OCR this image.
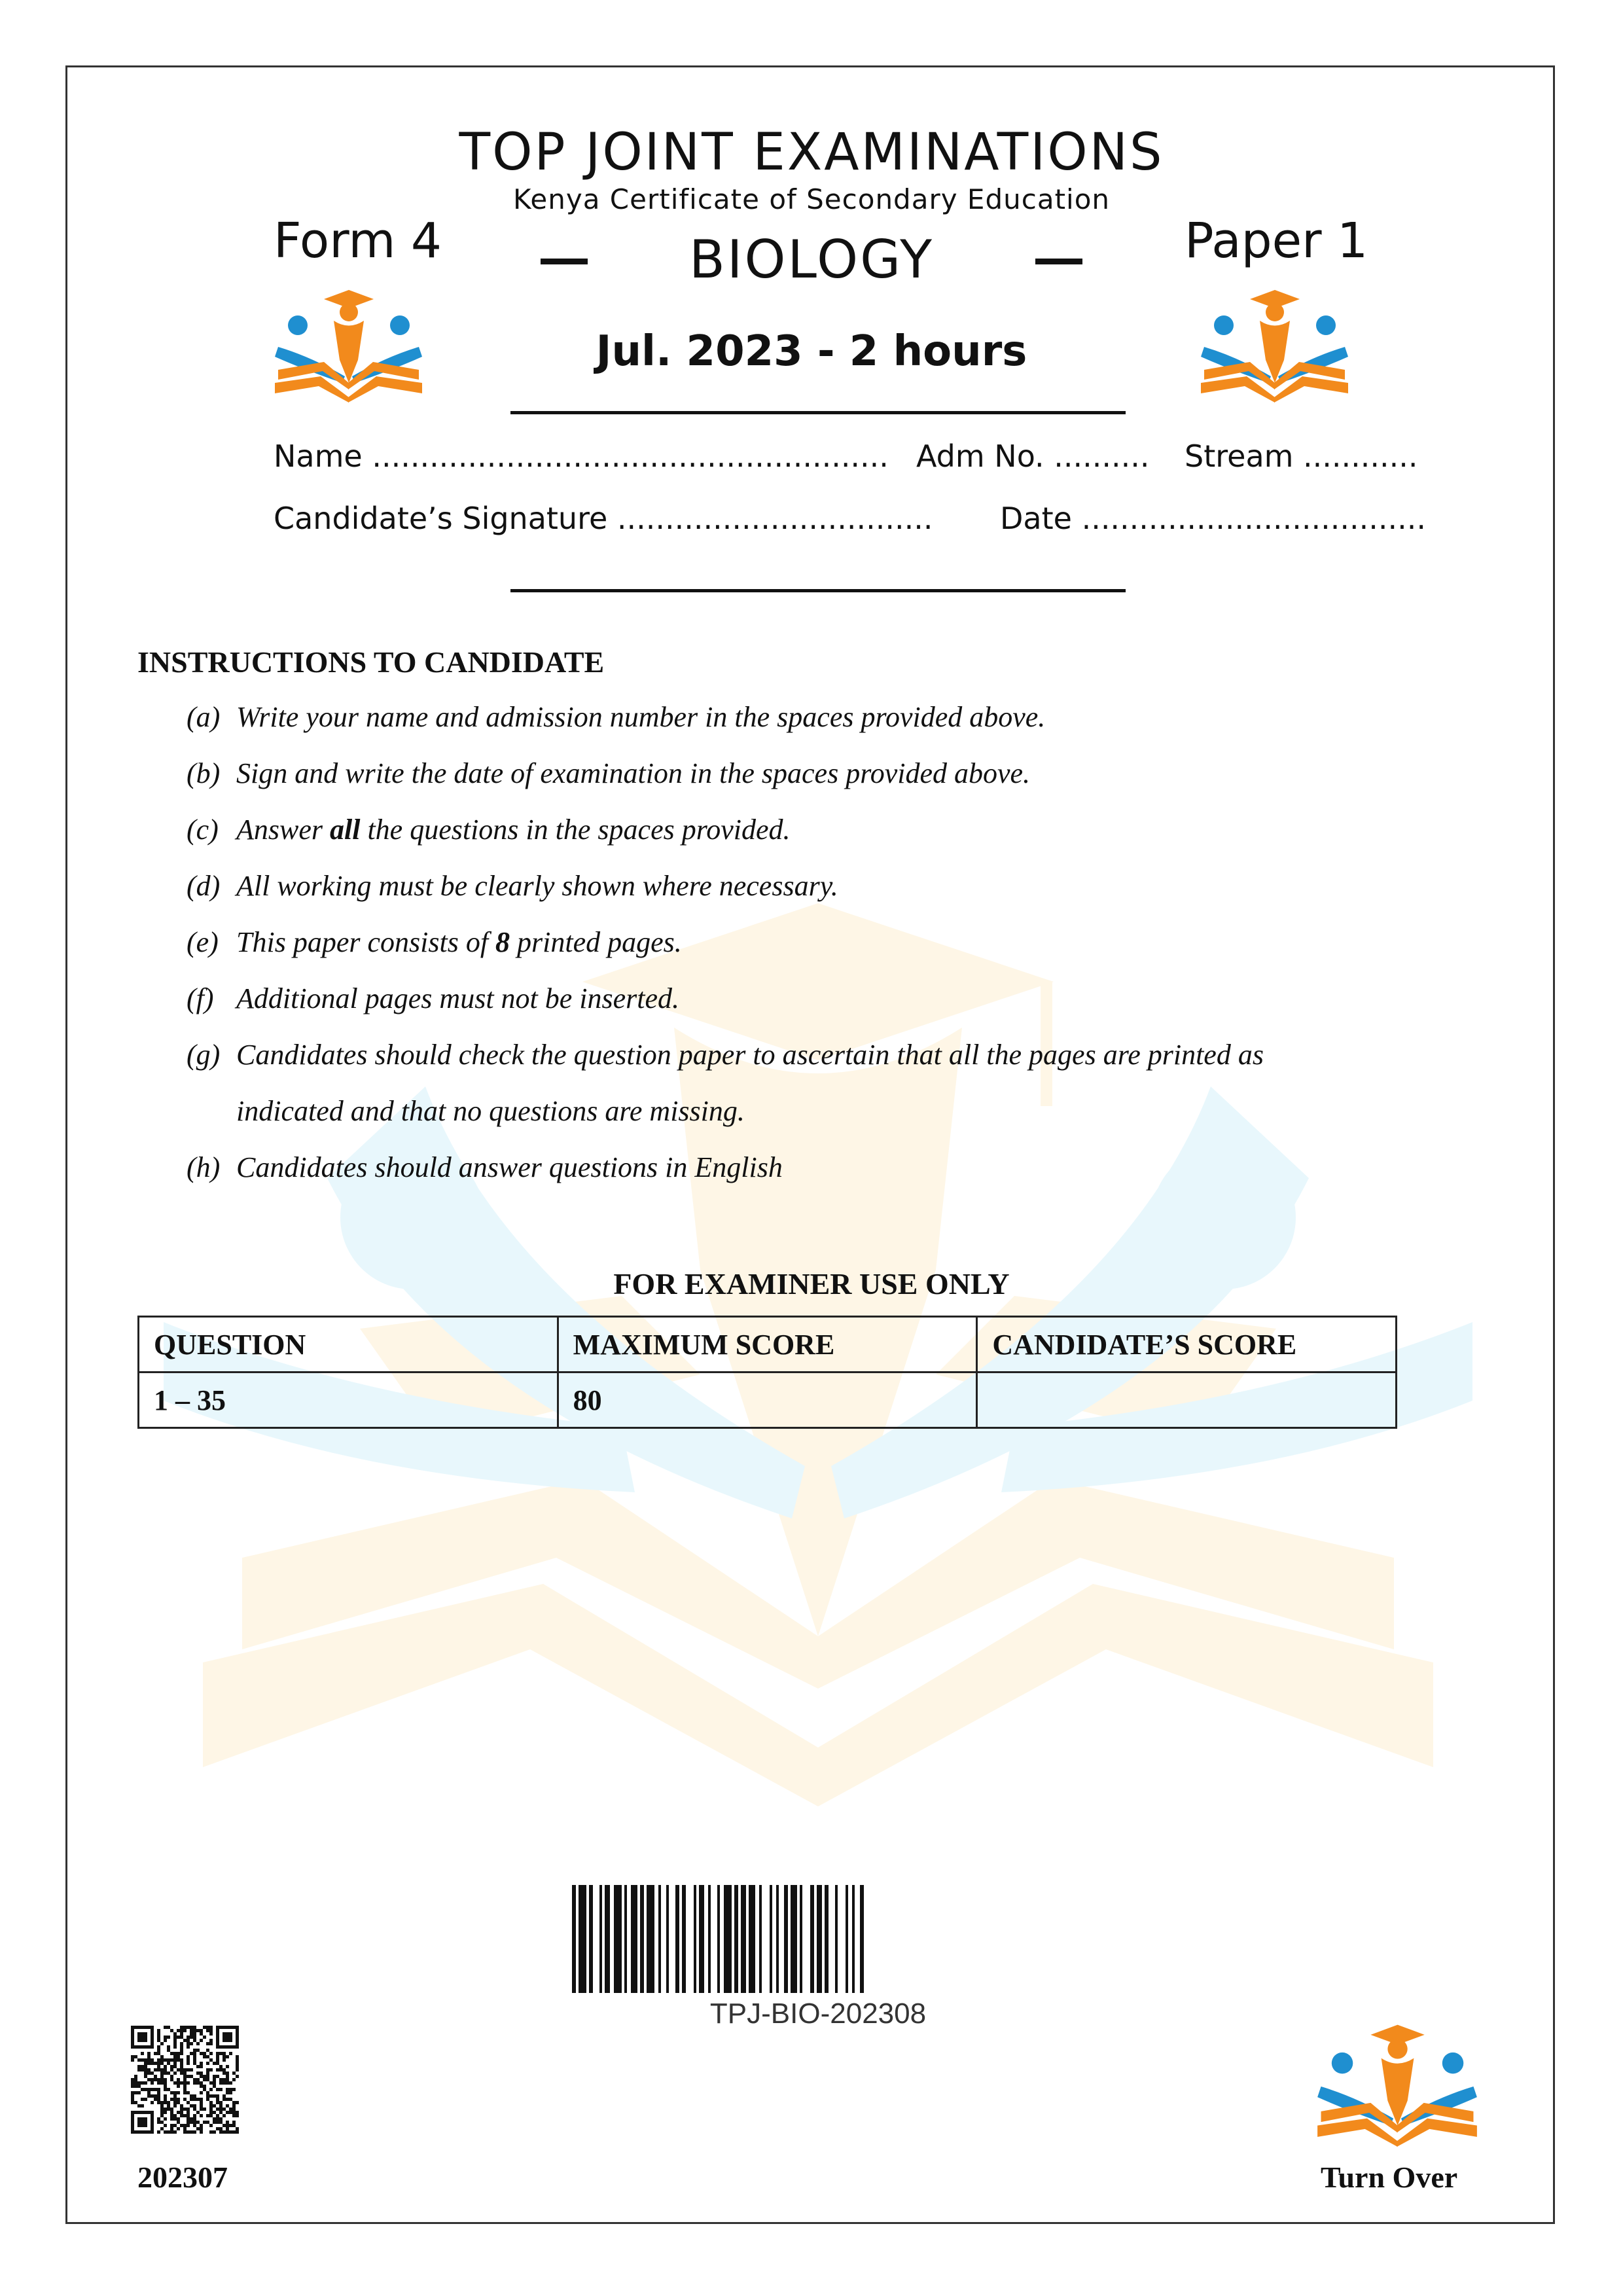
TOP JOINT EXAMINATIONS
Kenya Certificate of Secondary Education
Form 4	Paper 1
BIOLOGY
Jul. 2023 - 2 hours
Name ...................................................... Adm No. .......... Stream ............
Candidate’s Signature ................................. Date ....................................
INSTRUCTIONS TO CANDIDATE
(a) Write your name and admission number in the spaces provided above.
(b) Sign and write the date of examination in the spaces provided above.
(c) Answer all the questions in the spaces provided.
(d) All working must be clearly shown where necessary.
(e) This paper consists of 8 printed pages.
(f) Additional pages must not be inserted.
(g) Candidates should check the question paper to ascertain that all the pages are printed as
indicated and that no questions are missing.
(h) Candidates should answer questions in English
FOR EXAMINER USE ONLY
QUESTION	MAXIMUM SCORE	CANDIDATE’S SCORE
1 – 35	80	
TPJ-BIO-202308
202307	Turn Over
